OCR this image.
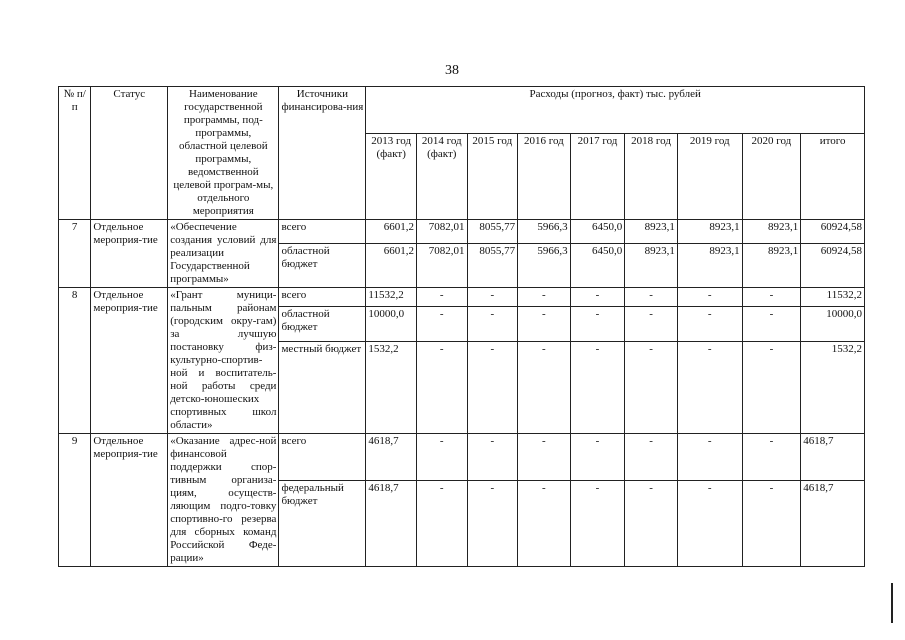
38
№ п/п	Статус	Наименование государственной программы, под-программы, областной целевой программы, ведомственной целевой програм-мы, отдельного мероприятия	Источники финансирова-ния	Расходы (прогноз, факт) тыс. рублей								
				2013 год (факт)	2014 год (факт)	2015 год	2016 год	2017 год	2018 год	2019 год	2020 год	итого
7	Отдельное мероприя-тие	«Обеспечение создания условий для реализации Государственной программы»	всего	6601,2	7082,01	8055,77	5966,3	6450,0	8923,1	8923,1	8923,1	60924,58
			областной бюджет	6601,2	7082,01	8055,77	5966,3	6450,0	8923,1	8923,1	8923,1	60924,58
8	Отдельное мероприя-тие	«Грант муници-пальным районам (городским окру-гам) за лучшую постановку физ-культурно-спортив-ной и воспитатель-ной работы среди детско-юношеских спортивных школ области»	всего	11532,2	-	-	-	-	-	-	-	11532,2
			областной бюджет	10000,0	-	-	-	-	-	-	-	10000,0
			местный бюджет	1532,2	-	-	-	-	-	-	-	1532,2
9	Отдельное мероприя-тие	«Оказание адрес-ной финансовой поддержки спор-тивным организа-циям, осуществ-ляющим подго-товку спортивно-го резерва для сборных команд Российской Феде-рации»	всего	4618,7	-	-	-	-	-	-	-	4618,7
			федеральный бюджет	4618,7	-	-	-	-	-	-	-	4618,7
